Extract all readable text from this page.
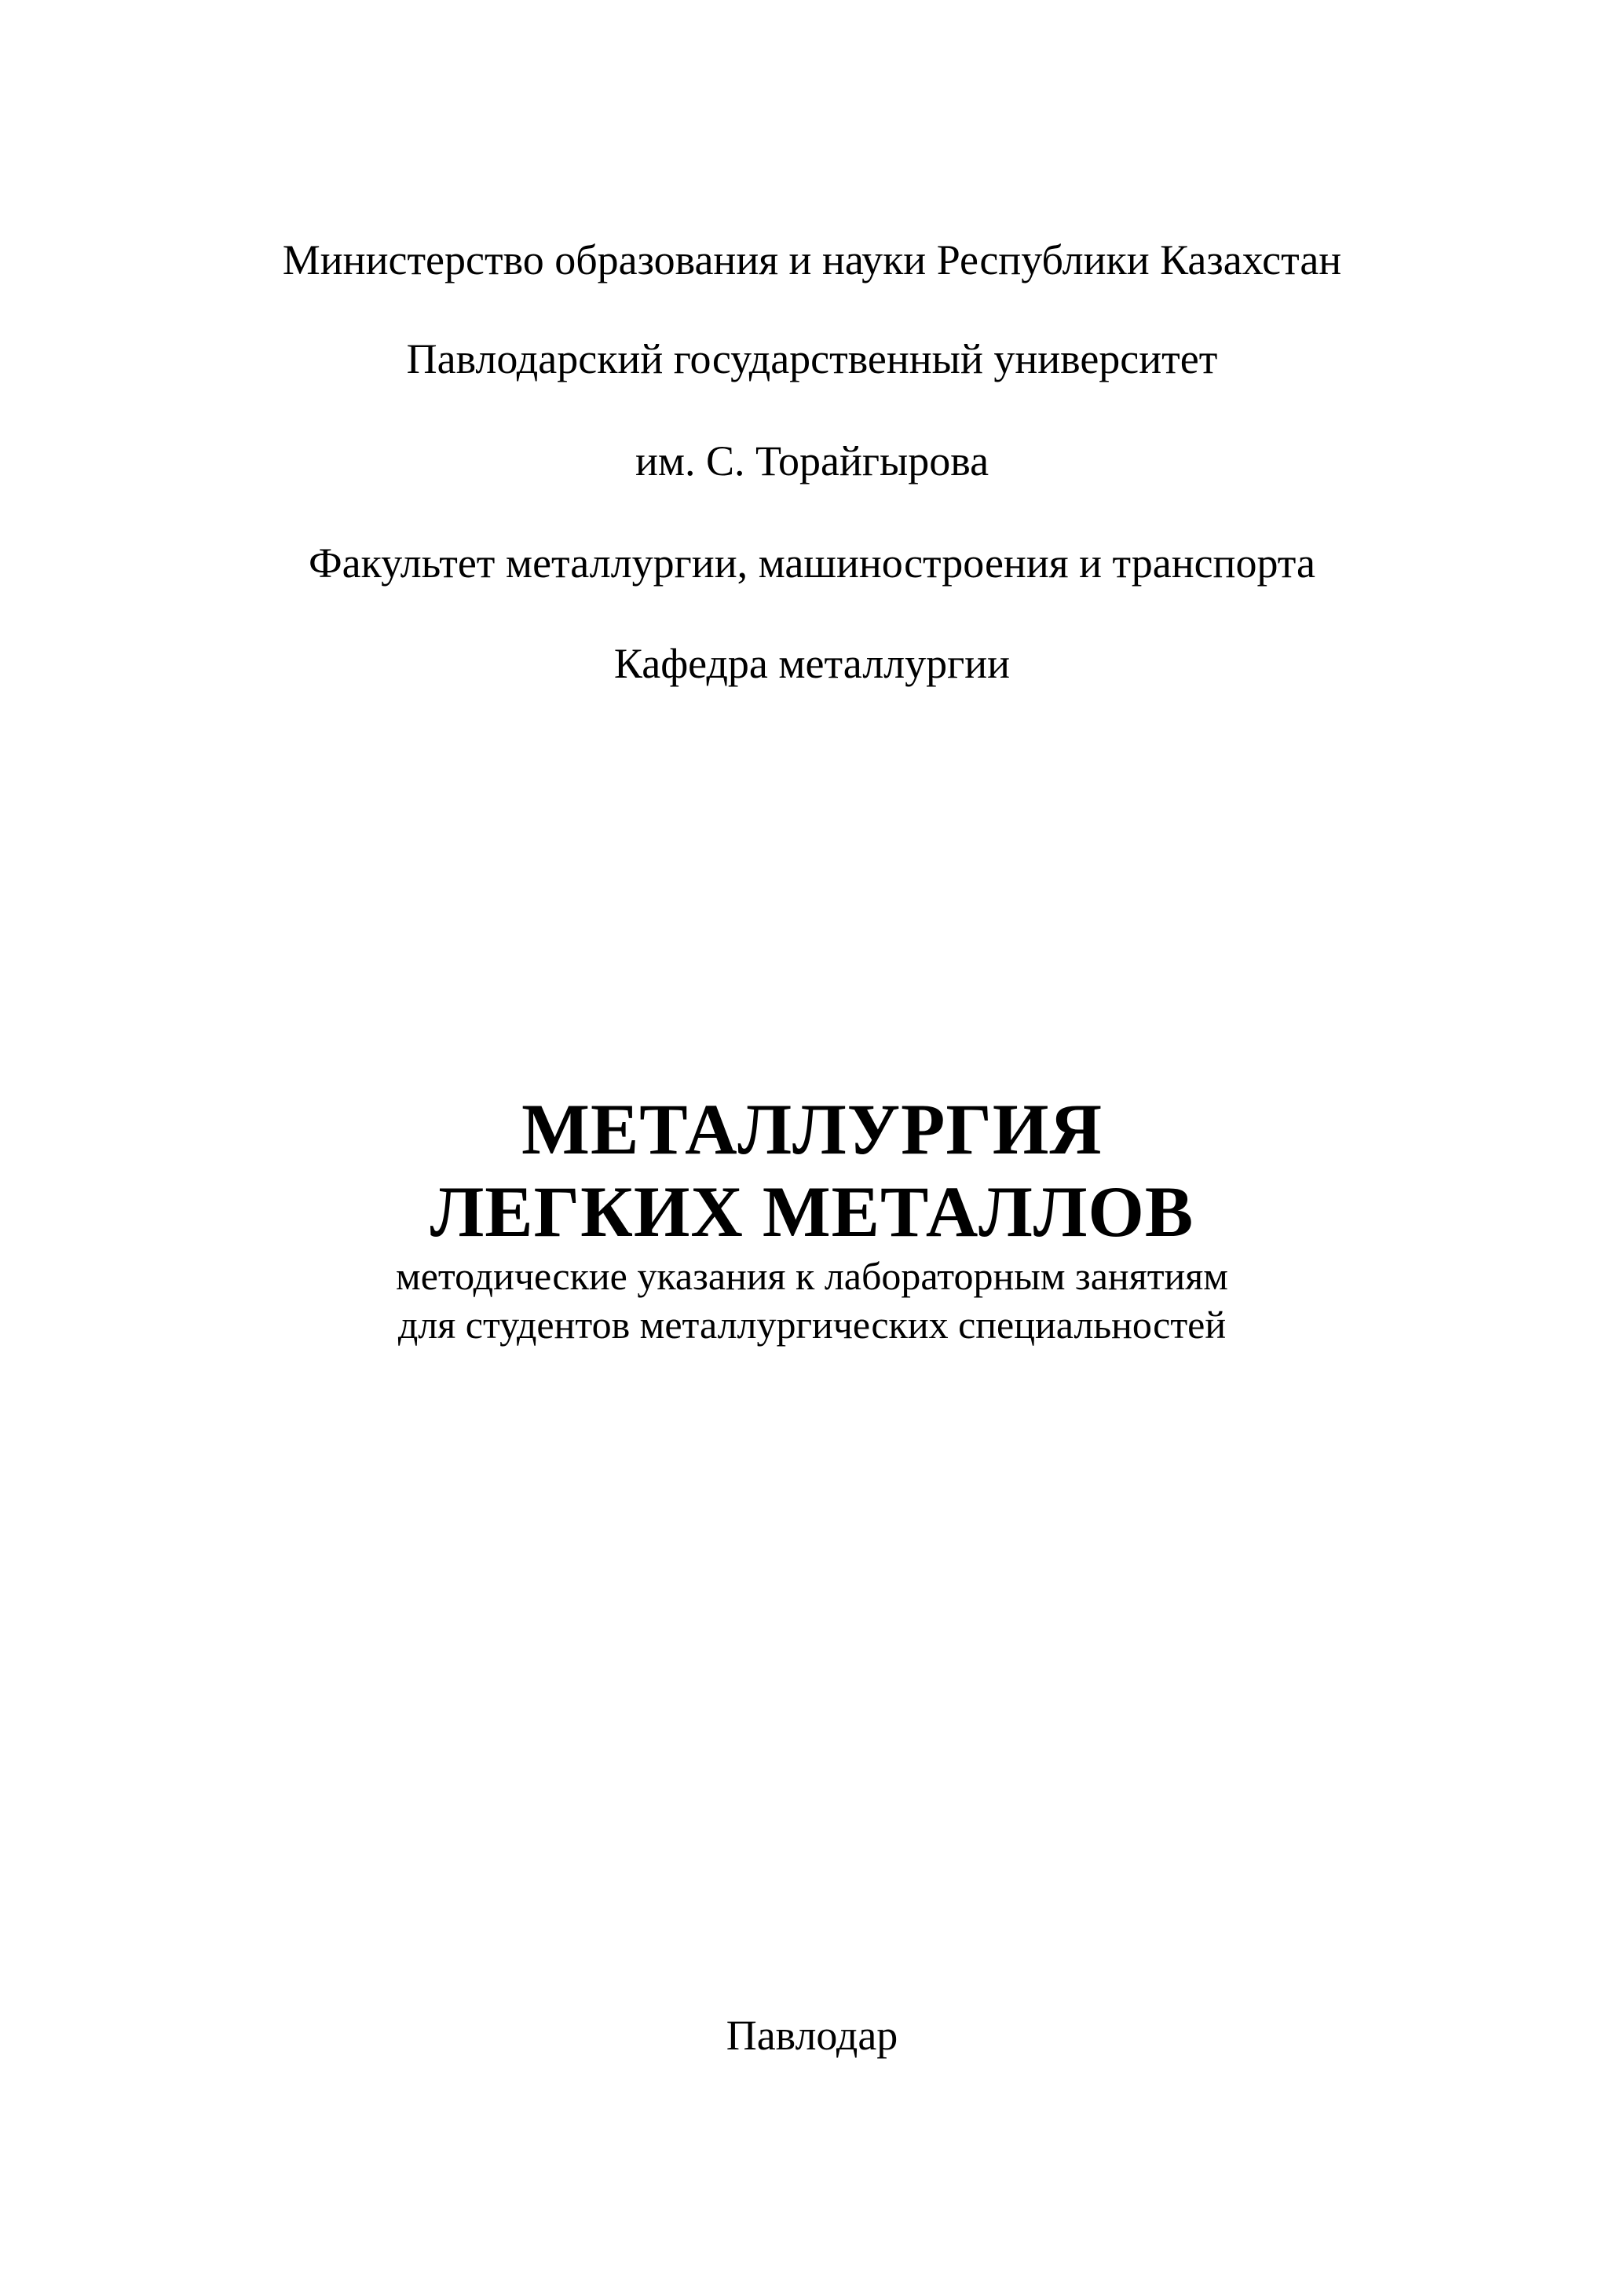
Министерство образования и науки Республики Казахстан
Павлодарский государственный университет
им. С. Торайгырова
Факультет металлургии, машиностроения и транспорта
Кафедра металлургии
МЕТАЛЛУРГИЯ
ЛЕГКИХ МЕТАЛЛОВ
методические указания к лабораторным занятиям
для студентов металлургических специальностей
Павлодар
